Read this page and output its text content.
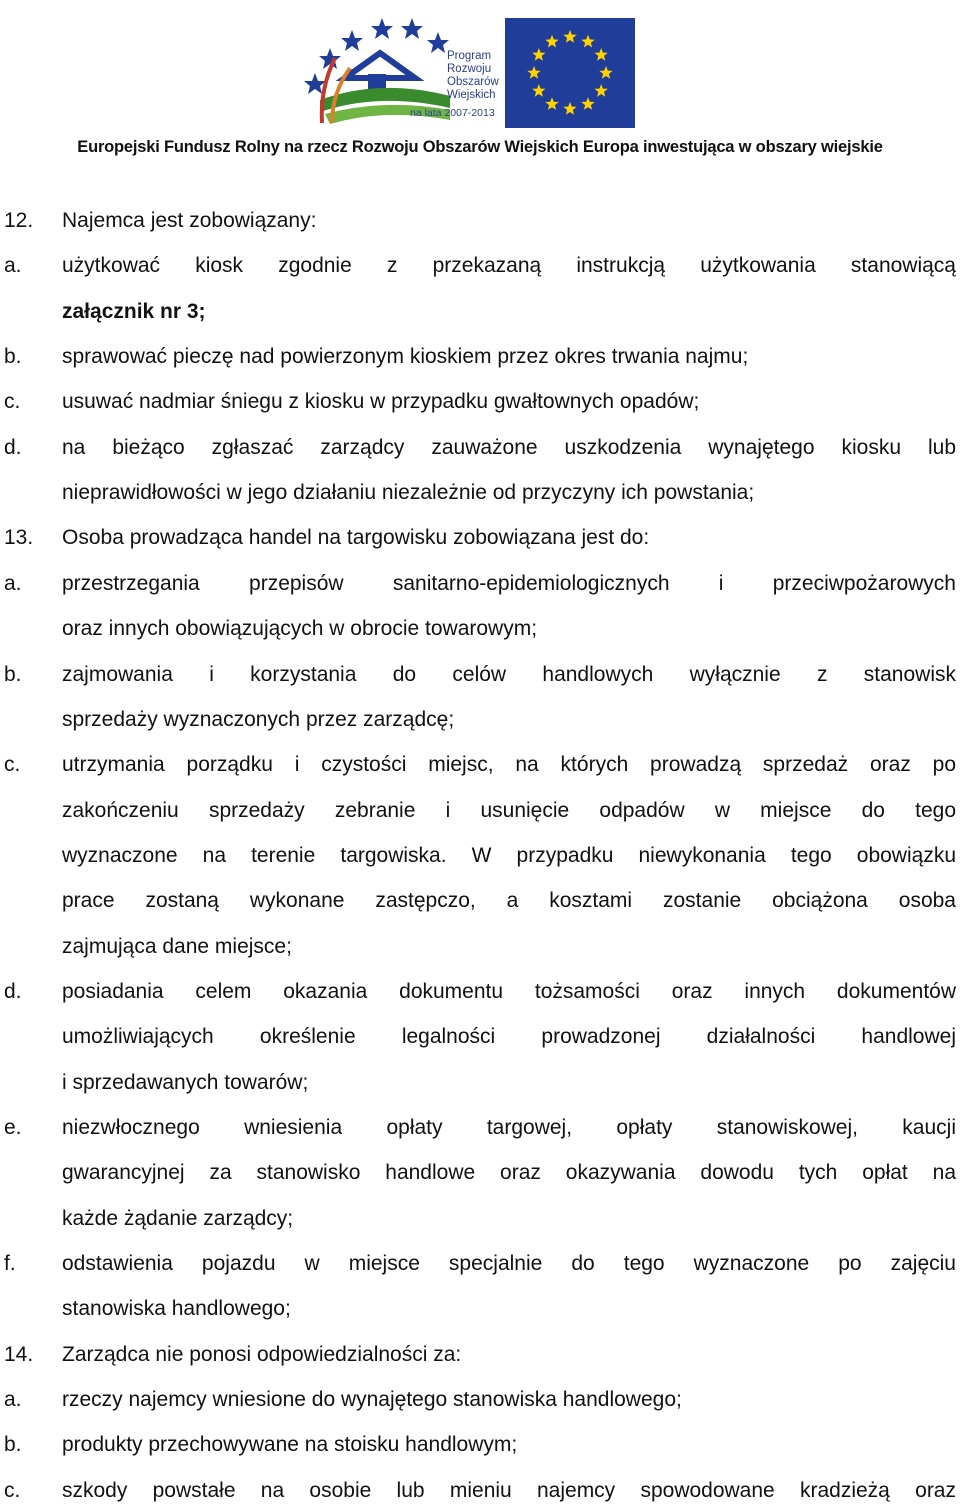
Program
Rozwoju
Obszarów
Wiejskich
na lata 2007-2013
Europejski Fundusz Rolny na rzecz Rozwoju Obszarów Wiejskich Europa inwestująca w obszary wiejskie
12. Najemca jest zobowiązany:
a. użytkować kiosk zgodnie z przekazaną instrukcją użytkowania stanowiącą
załącznik nr 3;
b. sprawować pieczę nad powierzonym kioskiem przez okres trwania najmu;
c. usuwać nadmiar śniegu z kiosku w przypadku gwałtownych opadów;
d. na bieżąco zgłaszać zarządcy zauważone uszkodzenia wynajętego kiosku lub
nieprawidłowości w jego działaniu niezależnie od przyczyny ich powstania;
13. Osoba prowadząca handel na targowisku zobowiązana jest do:
a. przestrzegania przepisów sanitarno-epidemiologicznych i przeciwpożarowych
oraz innych obowiązujących w obrocie towarowym;
b. zajmowania i korzystania do celów handlowych wyłącznie z stanowisk
sprzedaży wyznaczonych przez zarządcę;
c. utrzymania porządku i czystości miejsc, na których prowadzą sprzedaż oraz po
zakończeniu sprzedaży zebranie i usunięcie odpadów w miejsce do tego
wyznaczone na terenie targowiska. W przypadku niewykonania tego obowiązku
prace zostaną wykonane zastępczo, a kosztami zostanie obciążona osoba
zajmująca dane miejsce;
d. posiadania celem okazania dokumentu tożsamości oraz innych dokumentów
umożliwiających określenie legalności prowadzonej działalności handlowej
i sprzedawanych towarów;
e. niezwłocznego wniesienia opłaty targowej, opłaty stanowiskowej, kaucji
gwarancyjnej za stanowisko handlowe oraz okazywania dowodu tych opłat na
każde żądanie zarządcy;
f. odstawienia pojazdu w miejsce specjalnie do tego wyznaczone po zajęciu
stanowiska handlowego;
14. Zarządca nie ponosi odpowiedzialności za:
a. rzeczy najemcy wniesione do wynajętego stanowiska handlowego;
b. produkty przechowywane na stoisku handlowym;
c. szkody powstałe na osobie lub mieniu najemcy spowodowane kradzieżą oraz
